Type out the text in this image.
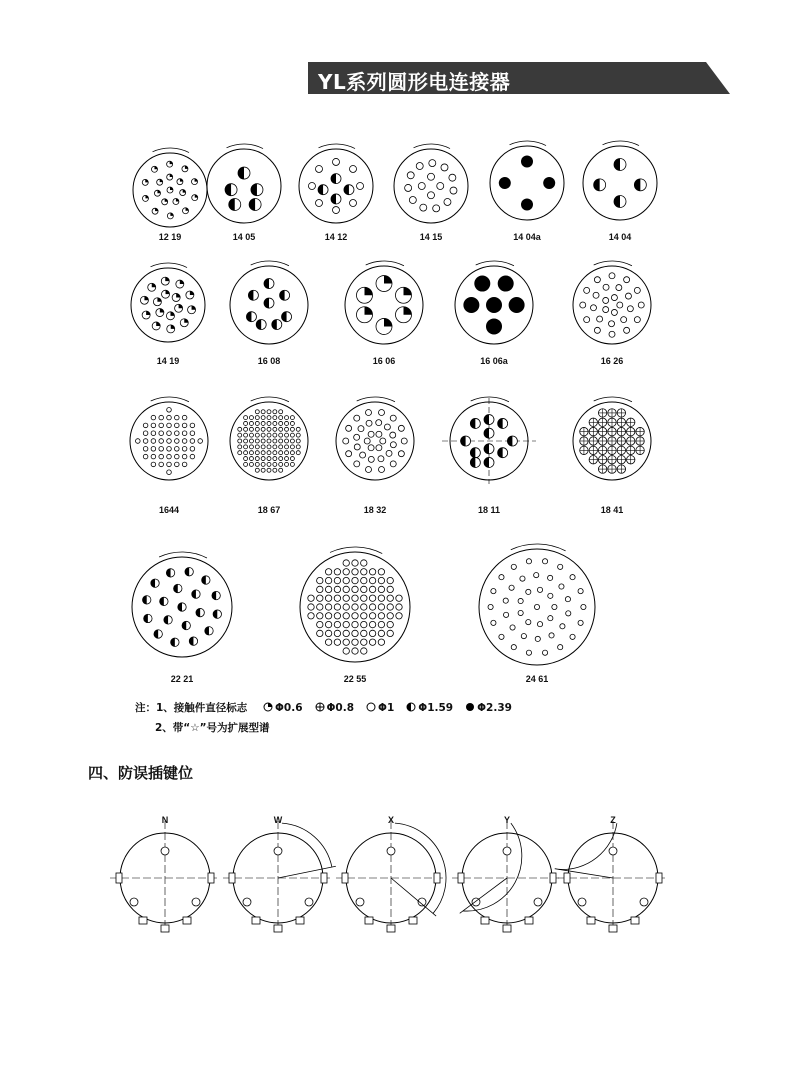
YL系列圆形电连接器
12 19	14 05	14 12	14 15	14 04a	14 04
14 19	16 08	16 06	16 06a	16 26
1644	18 67	18 32	18 11	18 41
22 21	22 55	24 61
注：1、接触件直径标志	Φ0.6 Φ0.8 Φ1 Φ1.59 Φ2.39
2、带“☆”号为扩展型谱
四、防误插键位
N	W	X	Y	Z
